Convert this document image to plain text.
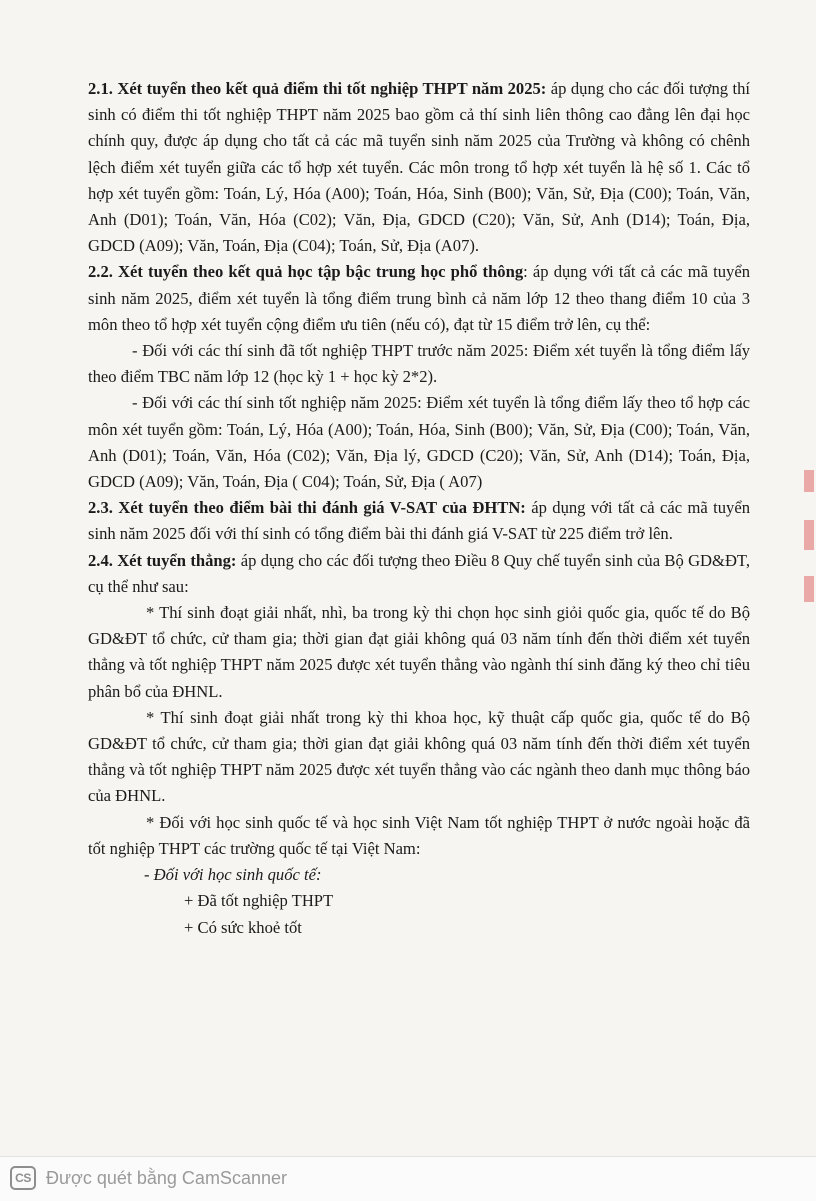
2.1. Xét tuyển theo kết quả điểm thi tốt nghiệp THPT năm 2025: áp dụng cho các đối tượng thí sinh có điểm thi tốt nghiệp THPT năm 2025 bao gồm cả thí sinh liên thông cao đẳng lên đại học chính quy, được áp dụng cho tất cả các mã tuyển sinh năm 2025 của Trường và không có chênh lệch điểm xét tuyển giữa các tổ hợp xét tuyển. Các môn trong tổ hợp xét tuyển là hệ số 1. Các tổ hợp xét tuyển gồm: Toán, Lý, Hóa (A00); Toán, Hóa, Sinh (B00); Văn, Sử, Địa (C00); Toán, Văn, Anh (D01); Toán, Văn, Hóa (C02); Văn, Địa, GDCD (C20); Văn, Sử, Anh (D14); Toán, Địa, GDCD (A09); Văn, Toán, Địa (C04); Toán, Sử, Địa (A07).

2.2. Xét tuyển theo kết quả học tập bậc trung học phổ thông: áp dụng với tất cả các mã tuyển sinh năm 2025, điểm xét tuyển là tổng điểm trung bình cả năm lớp 12 theo thang điểm 10 của 3 môn theo tổ hợp xét tuyển cộng điểm ưu tiên (nếu có), đạt từ 15 điểm trở lên, cụ thể:

- Đối với các thí sinh đã tốt nghiệp THPT trước năm 2025: Điểm xét tuyển là tổng điểm lấy theo điểm TBC năm lớp 12 (học kỳ 1 + học kỳ 2*2).

- Đối với các thí sinh tốt nghiệp năm 2025: Điểm xét tuyển là tổng điểm lấy theo tổ hợp các môn xét tuyển gồm: Toán, Lý, Hóa (A00); Toán, Hóa, Sinh (B00); Văn, Sử, Địa (C00); Toán, Văn, Anh (D01); Toán, Văn, Hóa (C02); Văn, Địa lý, GDCD (C20); Văn, Sử, Anh (D14); Toán, Địa, GDCD (A09); Văn, Toán, Địa ( C04); Toán, Sử, Địa ( A07)

2.3. Xét tuyển theo điểm bài thi đánh giá V-SAT của ĐHTN: áp dụng với tất cả các mã tuyển sinh năm 2025 đối với thí sinh có tổng điểm bài thi đánh giá V-SAT từ 225 điểm trở lên.

2.4. Xét tuyển thẳng: áp dụng cho các đối tượng theo Điều 8 Quy chế tuyển sinh của Bộ GD&ĐT, cụ thể như sau:

* Thí sinh đoạt giải nhất, nhì, ba trong kỳ thi chọn học sinh giỏi quốc gia, quốc tế do Bộ GD&ĐT tổ chức, cử tham gia; thời gian đạt giải không quá 03 năm tính đến thời điểm xét tuyển thẳng và tốt nghiệp THPT năm 2025 được xét tuyển thẳng vào ngành thí sinh đăng ký theo chỉ tiêu phân bổ của ĐHNL.

* Thí sinh đoạt giải nhất trong kỳ thi khoa học, kỹ thuật cấp quốc gia, quốc tế do Bộ GD&ĐT tổ chức, cử tham gia; thời gian đạt giải không quá 03 năm tính đến thời điểm xét tuyển thẳng và tốt nghiệp THPT năm 2025 được xét tuyển thẳng vào các ngành theo danh mục thông báo của ĐHNL.

* Đối với học sinh quốc tế và học sinh Việt Nam tốt nghiệp THPT ở nước ngoài hoặc đã tốt nghiệp THPT các trường quốc tế tại Việt Nam:

- Đối với học sinh quốc tế:

+ Đã tốt nghiệp THPT

+ Có sức khoẻ tốt

CS Được quét bằng CamScanner
